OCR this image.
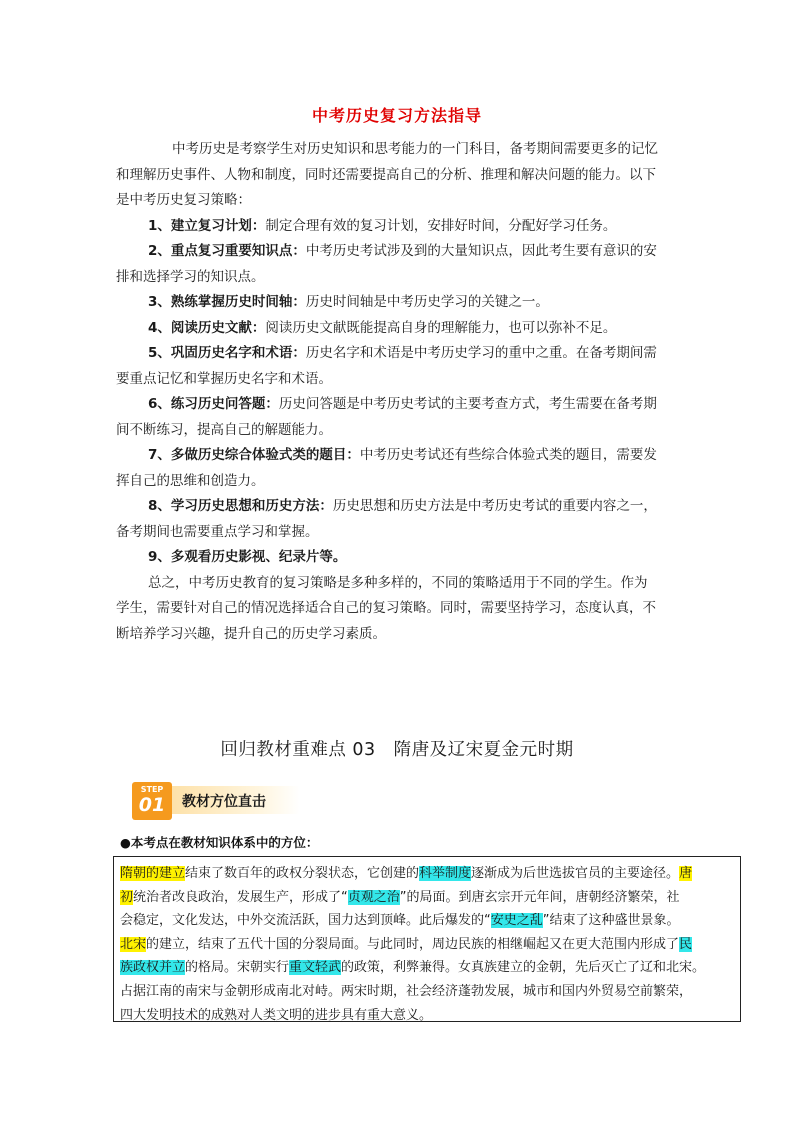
中考历史复习方法指导

中考历史是考察学生对历史知识和思考能力的一门科目，备考期间需要更多的记忆

和理解历史事件、人物和制度，同时还需要提高自己的分析、推理和解决问题的能力。以下

是中考历史复习策略：

1、建立复习计划：制定合理有效的复习计划，安排好时间，分配好学习任务。

2、重点复习重要知识点：中考历史考试涉及到的大量知识点，因此考生要有意识的安

排和选择学习的知识点。

3、熟练掌握历史时间轴：历史时间轴是中考历史学习的关键之一。

4、阅读历史文献：阅读历史文献既能提高自身的理解能力，也可以弥补不足。

5、巩固历史名字和术语：历史名字和术语是中考历史学习的重中之重。在备考期间需

要重点记忆和掌握历史名字和术语。

6、练习历史问答题：历史问答题是中考历史考试的主要考查方式，考生需要在备考期

间不断练习，提高自己的解题能力。

7、多做历史综合体验式类的题目：中考历史考试还有些综合体验式类的题目，需要发

挥自己的思维和创造力。

8、学习历史思想和历史方法：历史思想和历史方法是中考历史考试的重要内容之一，

备考期间也需要重点学习和掌握。

9、多观看历史影视、纪录片等。

总之，中考历史教育的复习策略是多种多样的，不同的策略适用于不同的学生。作为

学生，需要针对自己的情况选择适合自己的复习策略。同时，需要坚持学习，态度认真，不

断培养学习兴趣，提升自己的历史学习素质。

回归教材重难点 03　隋唐及辽宋夏金元时期
教材方位直击
STEP
01
●本考点在教材知识体系中的方位：

隋朝的建立结束了数百年的政权分裂状态，它创建的科举制度逐渐成为后世选拔官员的主要途径。唐

初统治者改良政治，发展生产，形成了“贞观之治”的局面。到唐玄宗开元年间，唐朝经济繁荣，社

会稳定，文化发达，中外交流活跃，国力达到顶峰。此后爆发的“安史之乱”结束了这种盛世景象。

北宋的建立，结束了五代十国的分裂局面。与此同时，周边民族的相继崛起又在更大范围内形成了民

族政权并立的格局。宋朝实行重文轻武的政策，利弊兼得。女真族建立的金朝，先后灭亡了辽和北宋。

占据江南的南宋与金朝形成南北对峙。两宋时期，社会经济蓬勃发展，城市和国内外贸易空前繁荣，

四大发明技术的成熟对人类文明的进步具有重大意义。
